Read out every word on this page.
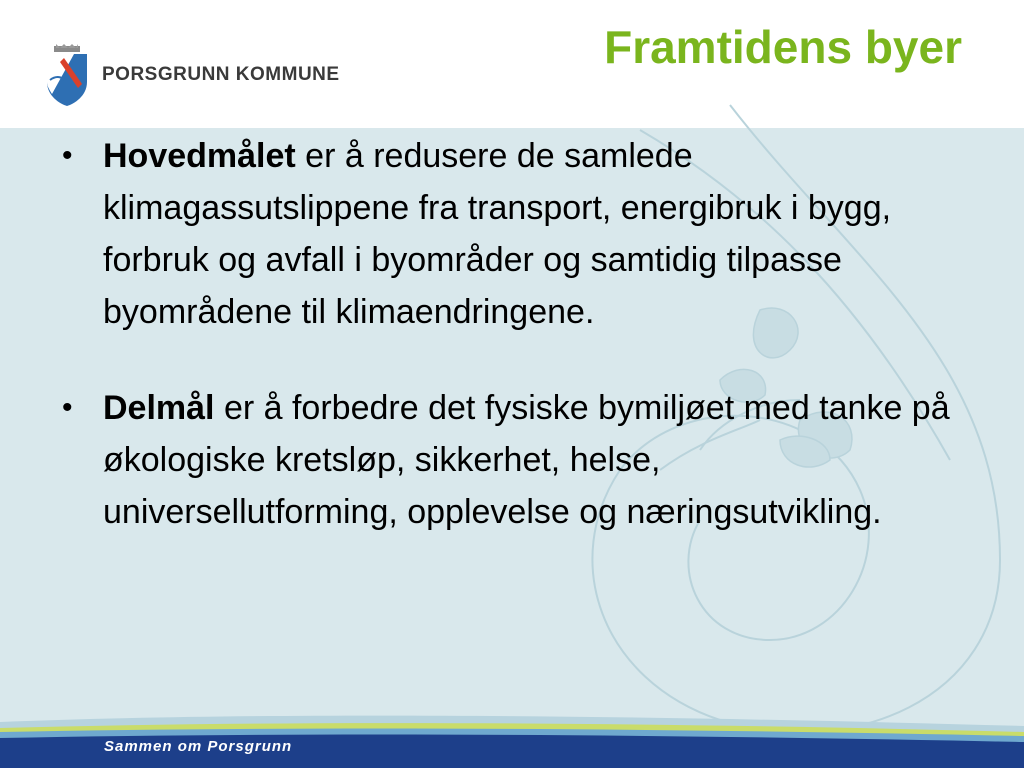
PORSGRUNN KOMMUNE
Framtidens byer
• Hovedmålet er å redusere de samlede klimagassutslippene fra transport, energibruk i bygg, forbruk og avfall i byområder og samtidig tilpasse byområdene til klimaendringene.
• Delmål er å forbedre det fysiske bymiljøet med tanke på økologiske kretsløp, sikkerhet, helse, universellutforming, opplevelse og næringsutvikling.
Sammen om Porsgrunn
